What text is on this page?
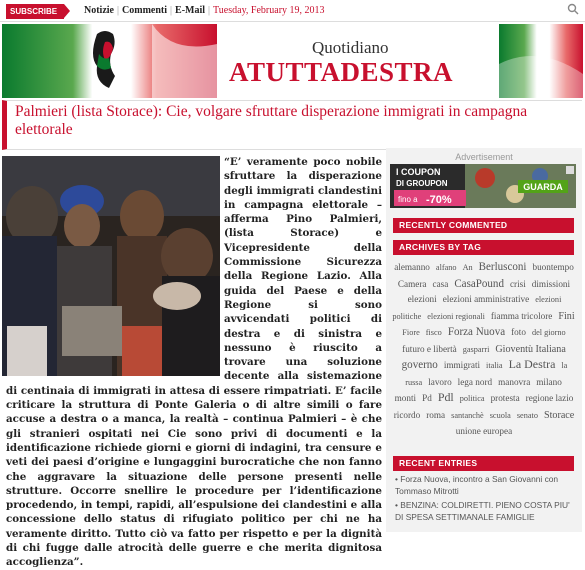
SUBSCRIBE	Notizie | Commenti | E-Mail | Tuesday, February 19, 2013
Quotidiano
ATUTTADESTRA
Palmieri (lista Storace): Cie, volgare sfruttare disperazione immigrati in campagna elettorale
“E’ veramente poco nobile sfruttare la disperazione degli immigrati clandestini in campagna elettorale – afferma Pino Palmieri, (lista Storace) e Vicepresidente della Commissione Sicurezza della Regione Lazio. Alla guida del Paese e della Regione si sono avvicendati politici di destra e di sinistra e nessuno è riuscito a trovare una soluzione decente alla sistemazione di centinaia di immigrati in attesa di essere rimpatriati. E’ facile criticare la struttura di Ponte Galeria o di altre simili o fare accuse a destra o a manca, la realtà – continua Palmieri – è che gli stranieri ospitati nei Cie sono privi di documenti e la identificazione richiede giorni e giorni di indagini, tra censure e veti dei paesi d’origine e lungaggini burocratiche che non fanno che aggravare la situazione delle persone presenti nelle strutture. Occorre snellire le procedure per l’identificazione procedendo, in tempi, rapidi, all’espulsione dei clandestini e alla concessione dello status di rifugiato politico per chi ne ha veramente diritto. Tutto ciò va fatto per rispetto e per la dignità di chi fugge dalle atrocità delle guerre e che merita dignitosa accoglienza”.
Advertisement
GUARDA
I COUPON
DI GROUPON
fino a -70%
RECENTLY COMMENTED
ARCHIVES BY TAG
alemanno alfano An Berlusconi buontempo Camera casa CasaPound crisi dimissioni elezioni elezioni amministrative elezioni politiche elezioni regionali fiamma tricolore Fini Fiore fisco Forza Nuova foto del giorno futuro e libertà gasparri Gioventù Italiana governo immigrati italia La Destra la russa lavoro lega nord manovra milano monti Pd Pdl politica protesta regione lazio ricordo roma santanchè scuola senato Storace unione europea
RECENT ENTRIES
• Forza Nuova, incontro a San Giovanni con Tommaso Mitrotti
• BENZINA: COLDIRETTI. PIENO COSTA PIU' DI SPESA SETTIMANALE FAMIGLIE
